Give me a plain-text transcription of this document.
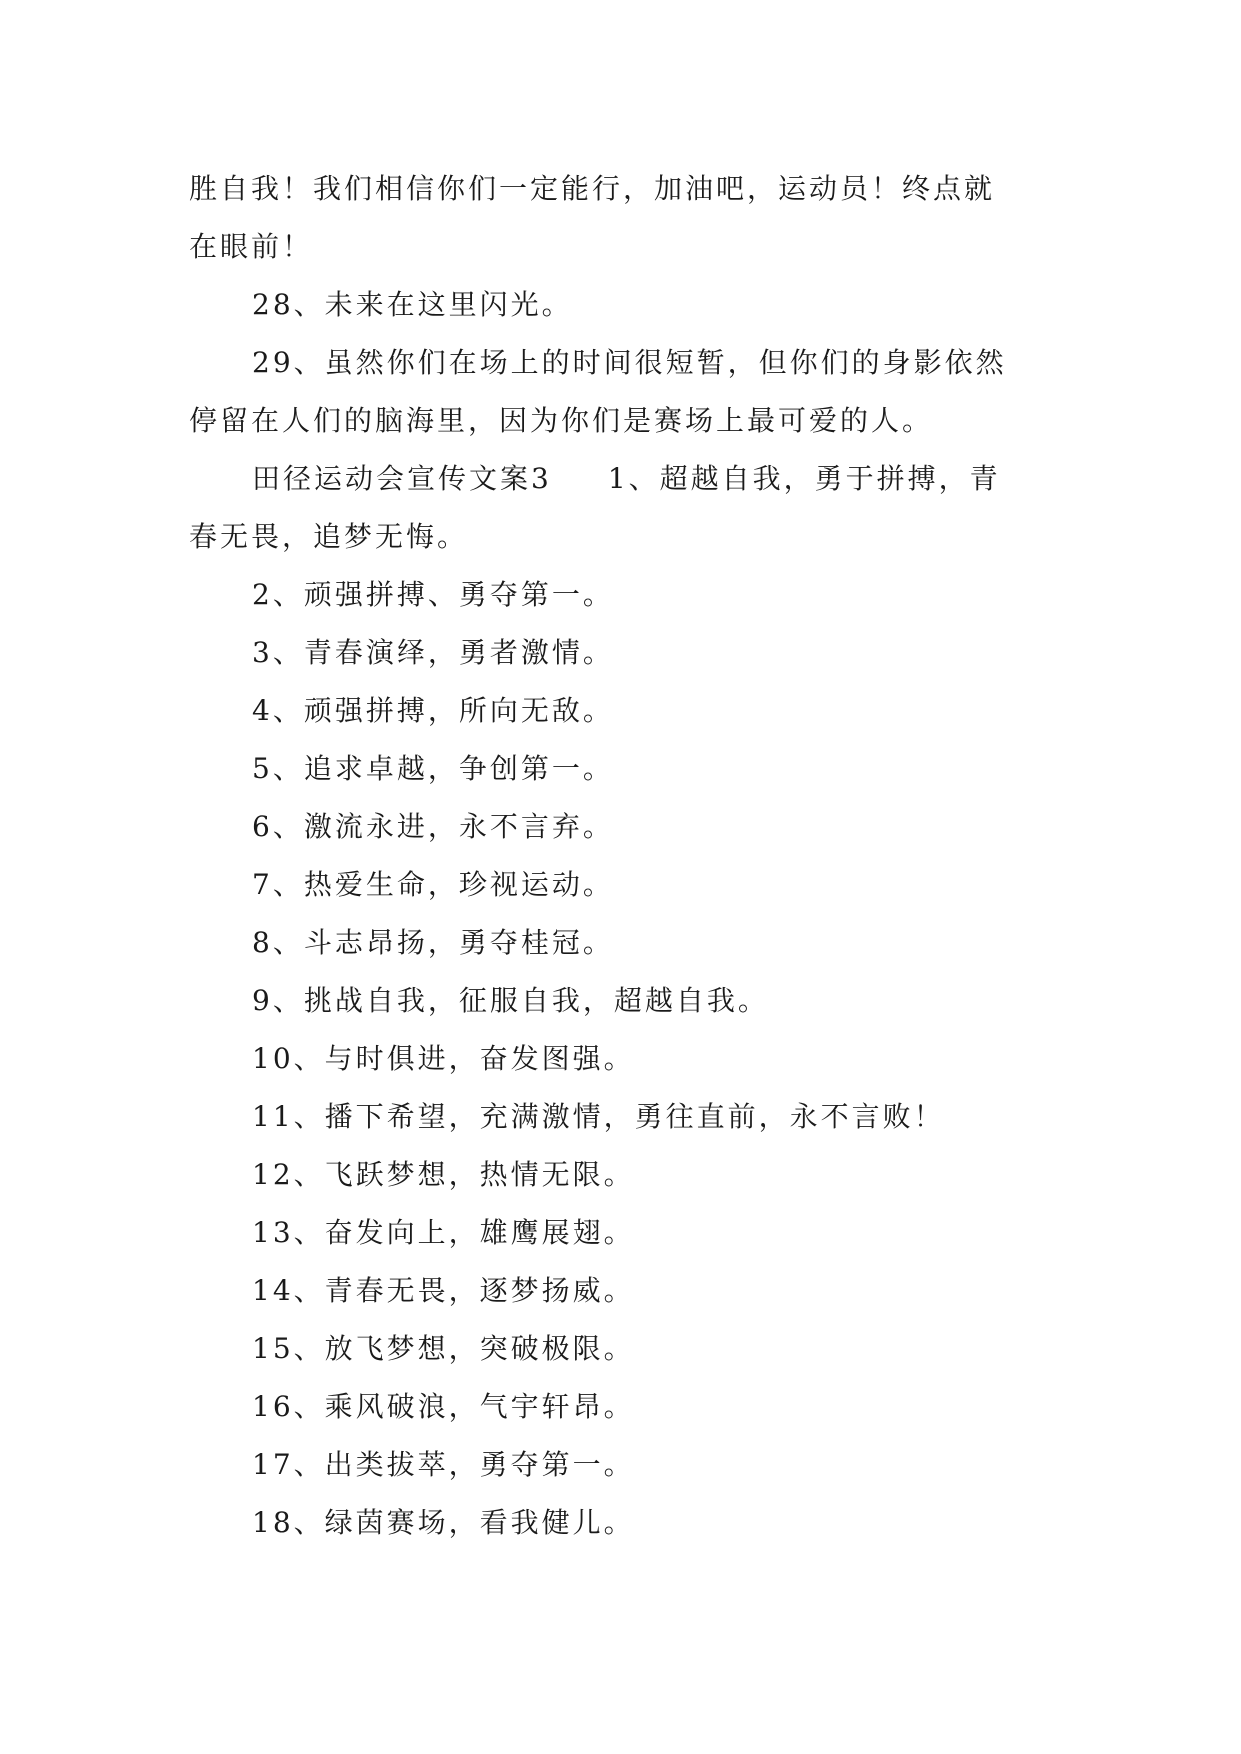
胜自我！我们相信你们一定能行，加油吧，运动员！终点就

在眼前！

28、未来在这里闪光。

29、虽然你们在场上的时间很短暂，但你们的身影依然

停留在人们的脑海里，因为你们是赛场上最可爱的人。

田径运动会宣传文案3 1、超越自我，勇于拼搏，青

春无畏，追梦无悔。

2、顽强拼搏、勇夺第一。

3、青春演绎，勇者激情。

4、顽强拼搏，所向无敌。

5、追求卓越，争创第一。

6、激流永进，永不言弃。

7、热爱生命，珍视运动。

8、斗志昂扬，勇夺桂冠。

9、挑战自我，征服自我，超越自我。

10、与时俱进，奋发图强。

11、播下希望，充满激情，勇往直前，永不言败！

12、飞跃梦想，热情无限。

13、奋发向上，雄鹰展翅。

14、青春无畏，逐梦扬威。

15、放飞梦想，突破极限。

16、乘风破浪，气宇轩昂。

17、出类拔萃，勇夺第一。

18、绿茵赛场，看我健儿。
